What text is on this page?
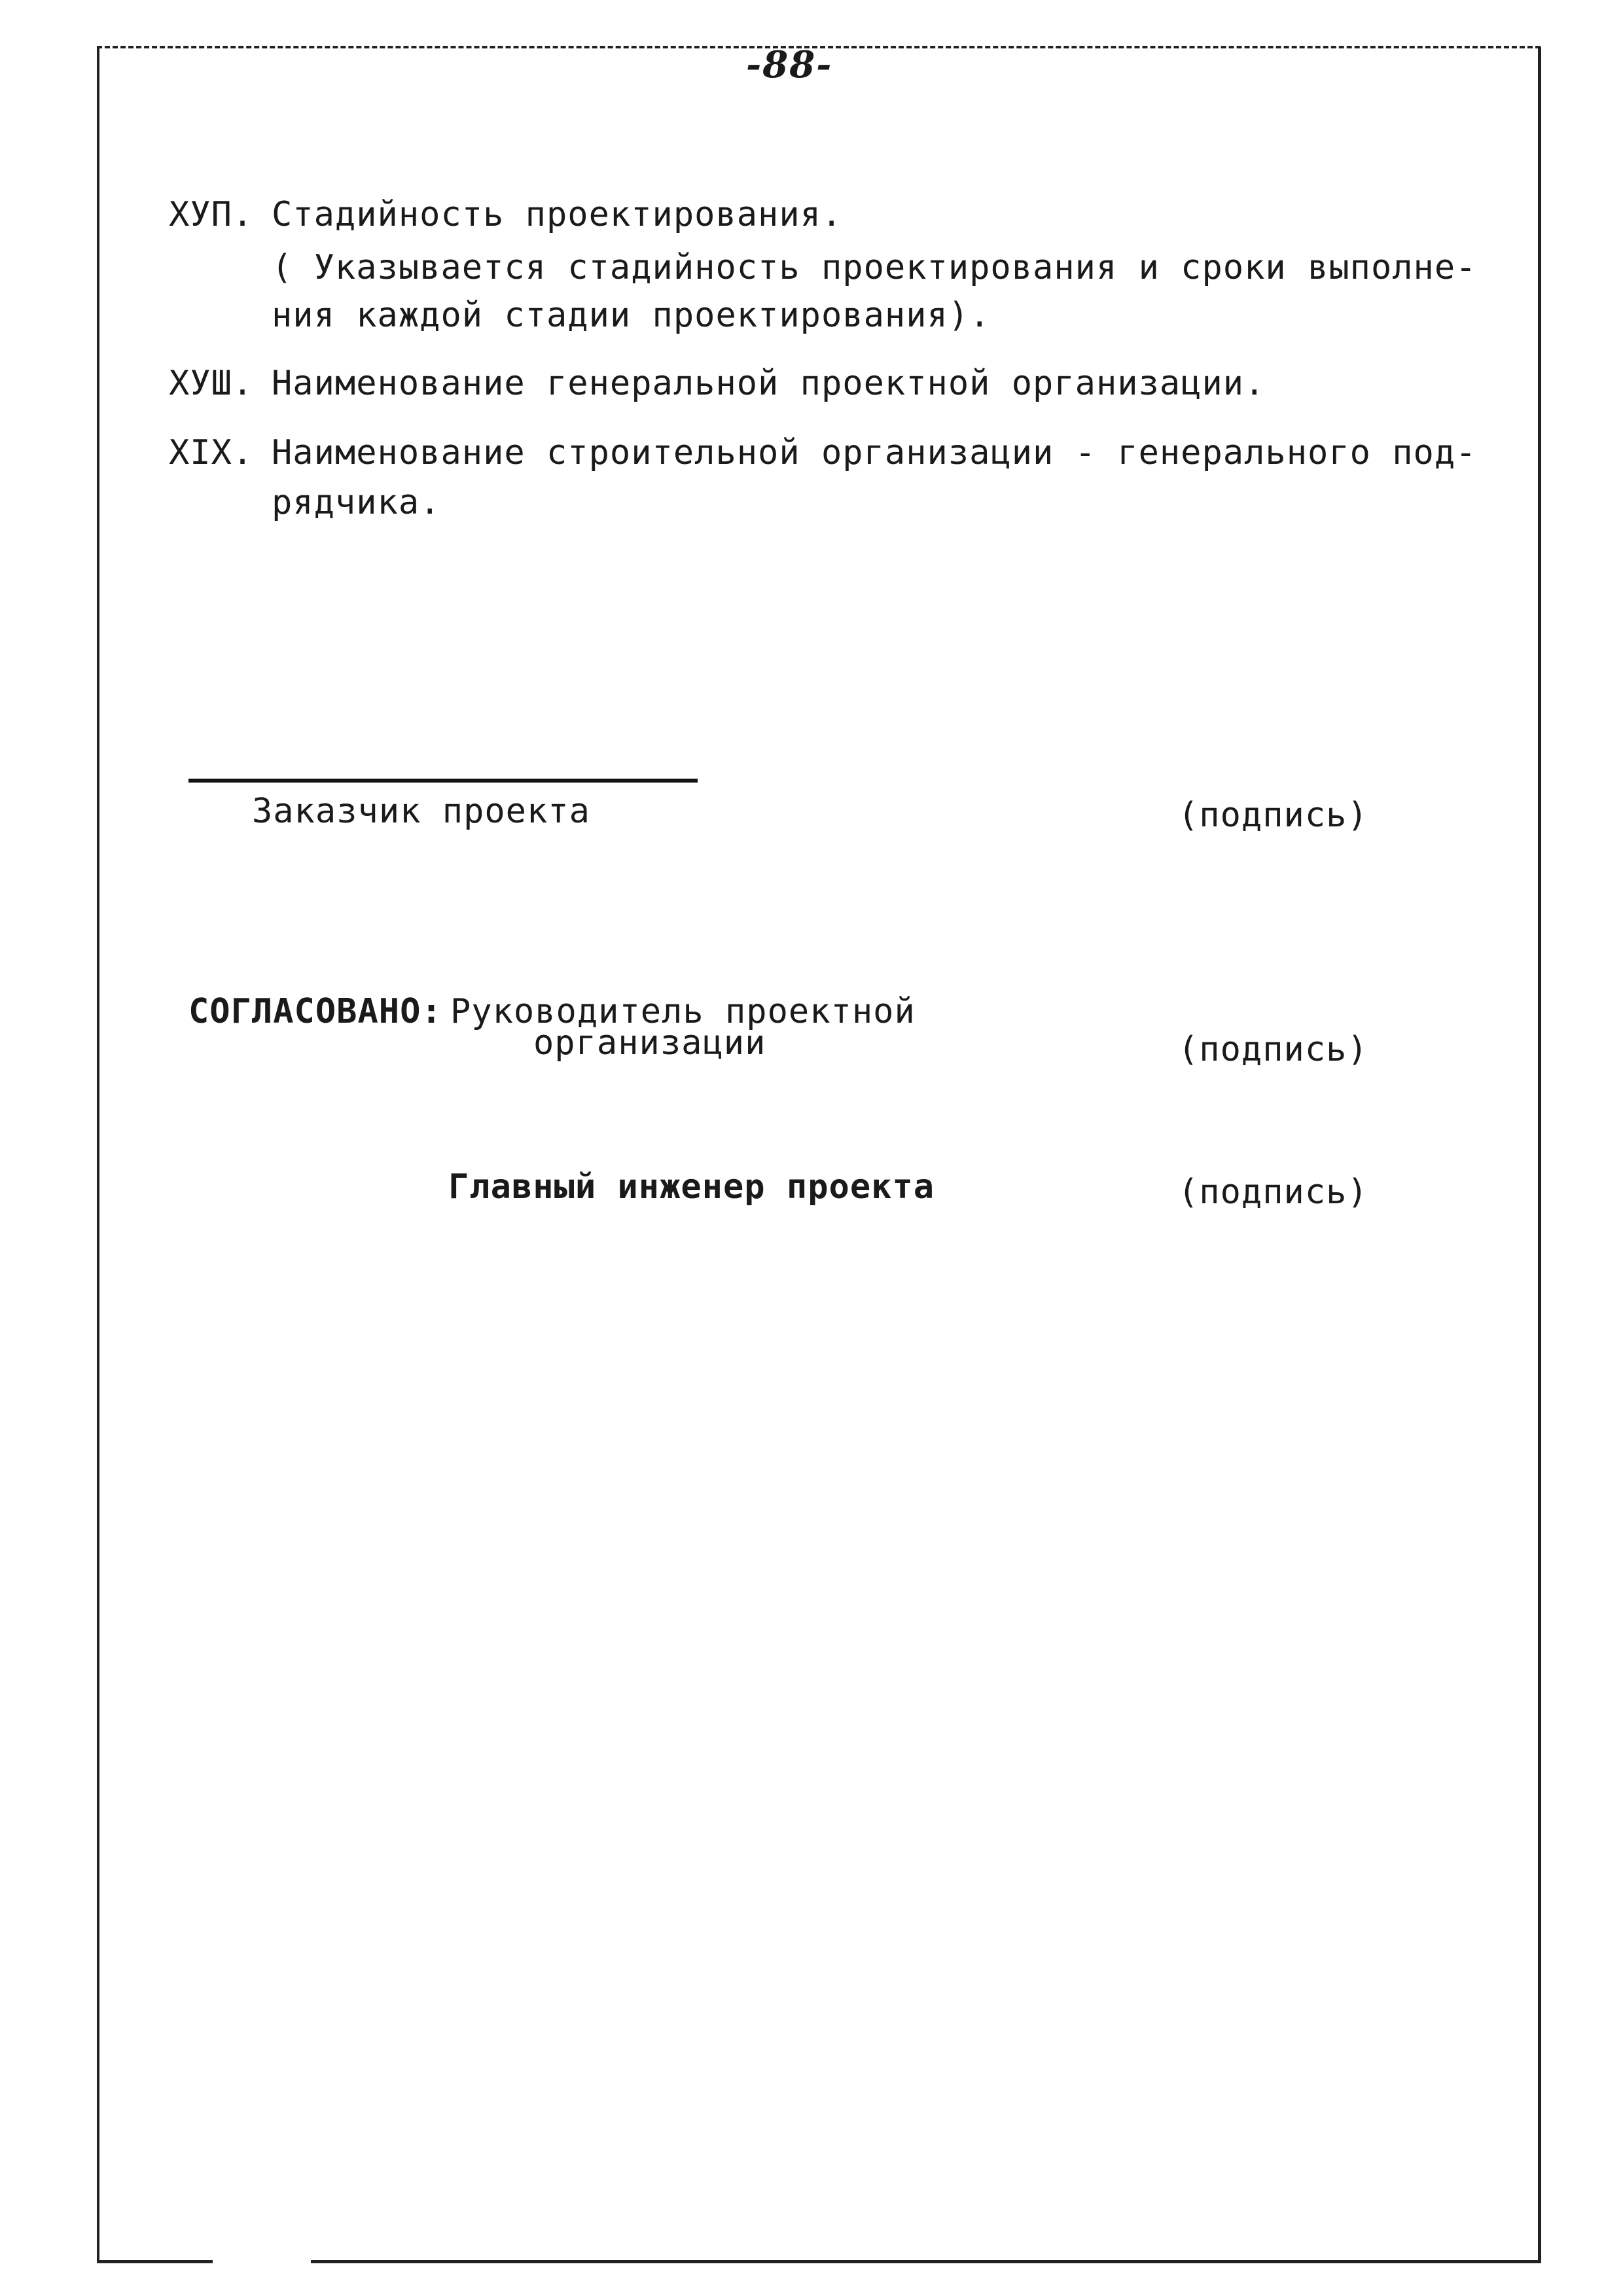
-88-
ХУП. Стадийность проектирования.
( Указывается стадийность проектирования и сроки выполне-
ния каждой стадии проектирования).
ХУШ. Наименование генеральной проектной организации.
XIX. Наименование строительной организации - генерального под-
рядчика.
Заказчик проекта	(подпись)
СОГЛАСОВАНО: Руководитель проектной
организации	(подпись)
Главный инженер проекта	(подпись)
